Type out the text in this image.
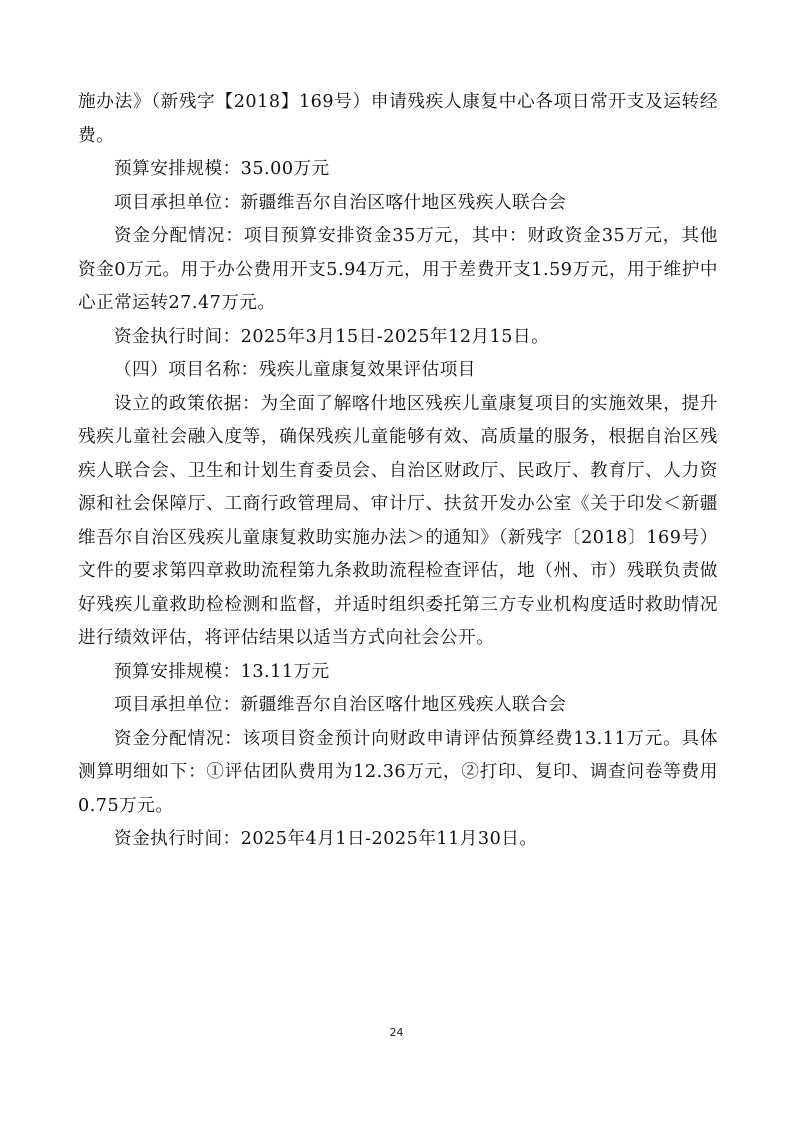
施办法》（新残字【2018】169号）申请残疾人康复中心各项日常开支及运转经费。

预算安排规模：35.00万元

项目承担单位：新疆维吾尔自治区喀什地区残疾人联合会

资金分配情况：项目预算安排资金35万元，其中：财政资金35万元，其他资金0万元。用于办公费用开支5.94万元，用于差费开支1.59万元，用于维护中心正常运转27.47万元。

资金执行时间：2025年3月15日-2025年12月15日。

（四）项目名称：残疾儿童康复效果评估项目

设立的政策依据：为全面了解喀什地区残疾儿童康复项目的实施效果，提升残疾儿童社会融入度等，确保残疾儿童能够有效、高质量的服务，根据自治区残疾人联合会、卫生和计划生育委员会、自治区财政厅、民政厅、教育厅、人力资源和社会保障厅、工商行政管理局、审计厅、扶贫开发办公室《关于印发＜新疆维吾尔自治区残疾儿童康复救助实施办法＞的通知》（新残字〔2018〕169号）文件的要求第四章救助流程第九条救助流程检查评估，地（州、市）残联负责做好残疾儿童救助检检测和监督，并适时组织委托第三方专业机构度适时救助情况进行绩效评估，将评估结果以适当方式向社会公开。

预算安排规模：13.11万元

项目承担单位：新疆维吾尔自治区喀什地区残疾人联合会

资金分配情况：该项目资金预计向财政申请评估预算经费13.11万元。具体测算明细如下：①评估团队费用为12.36万元，②打印、复印、调查问卷等费用0.75万元。

资金执行时间：2025年4月1日-2025年11月30日。

24
